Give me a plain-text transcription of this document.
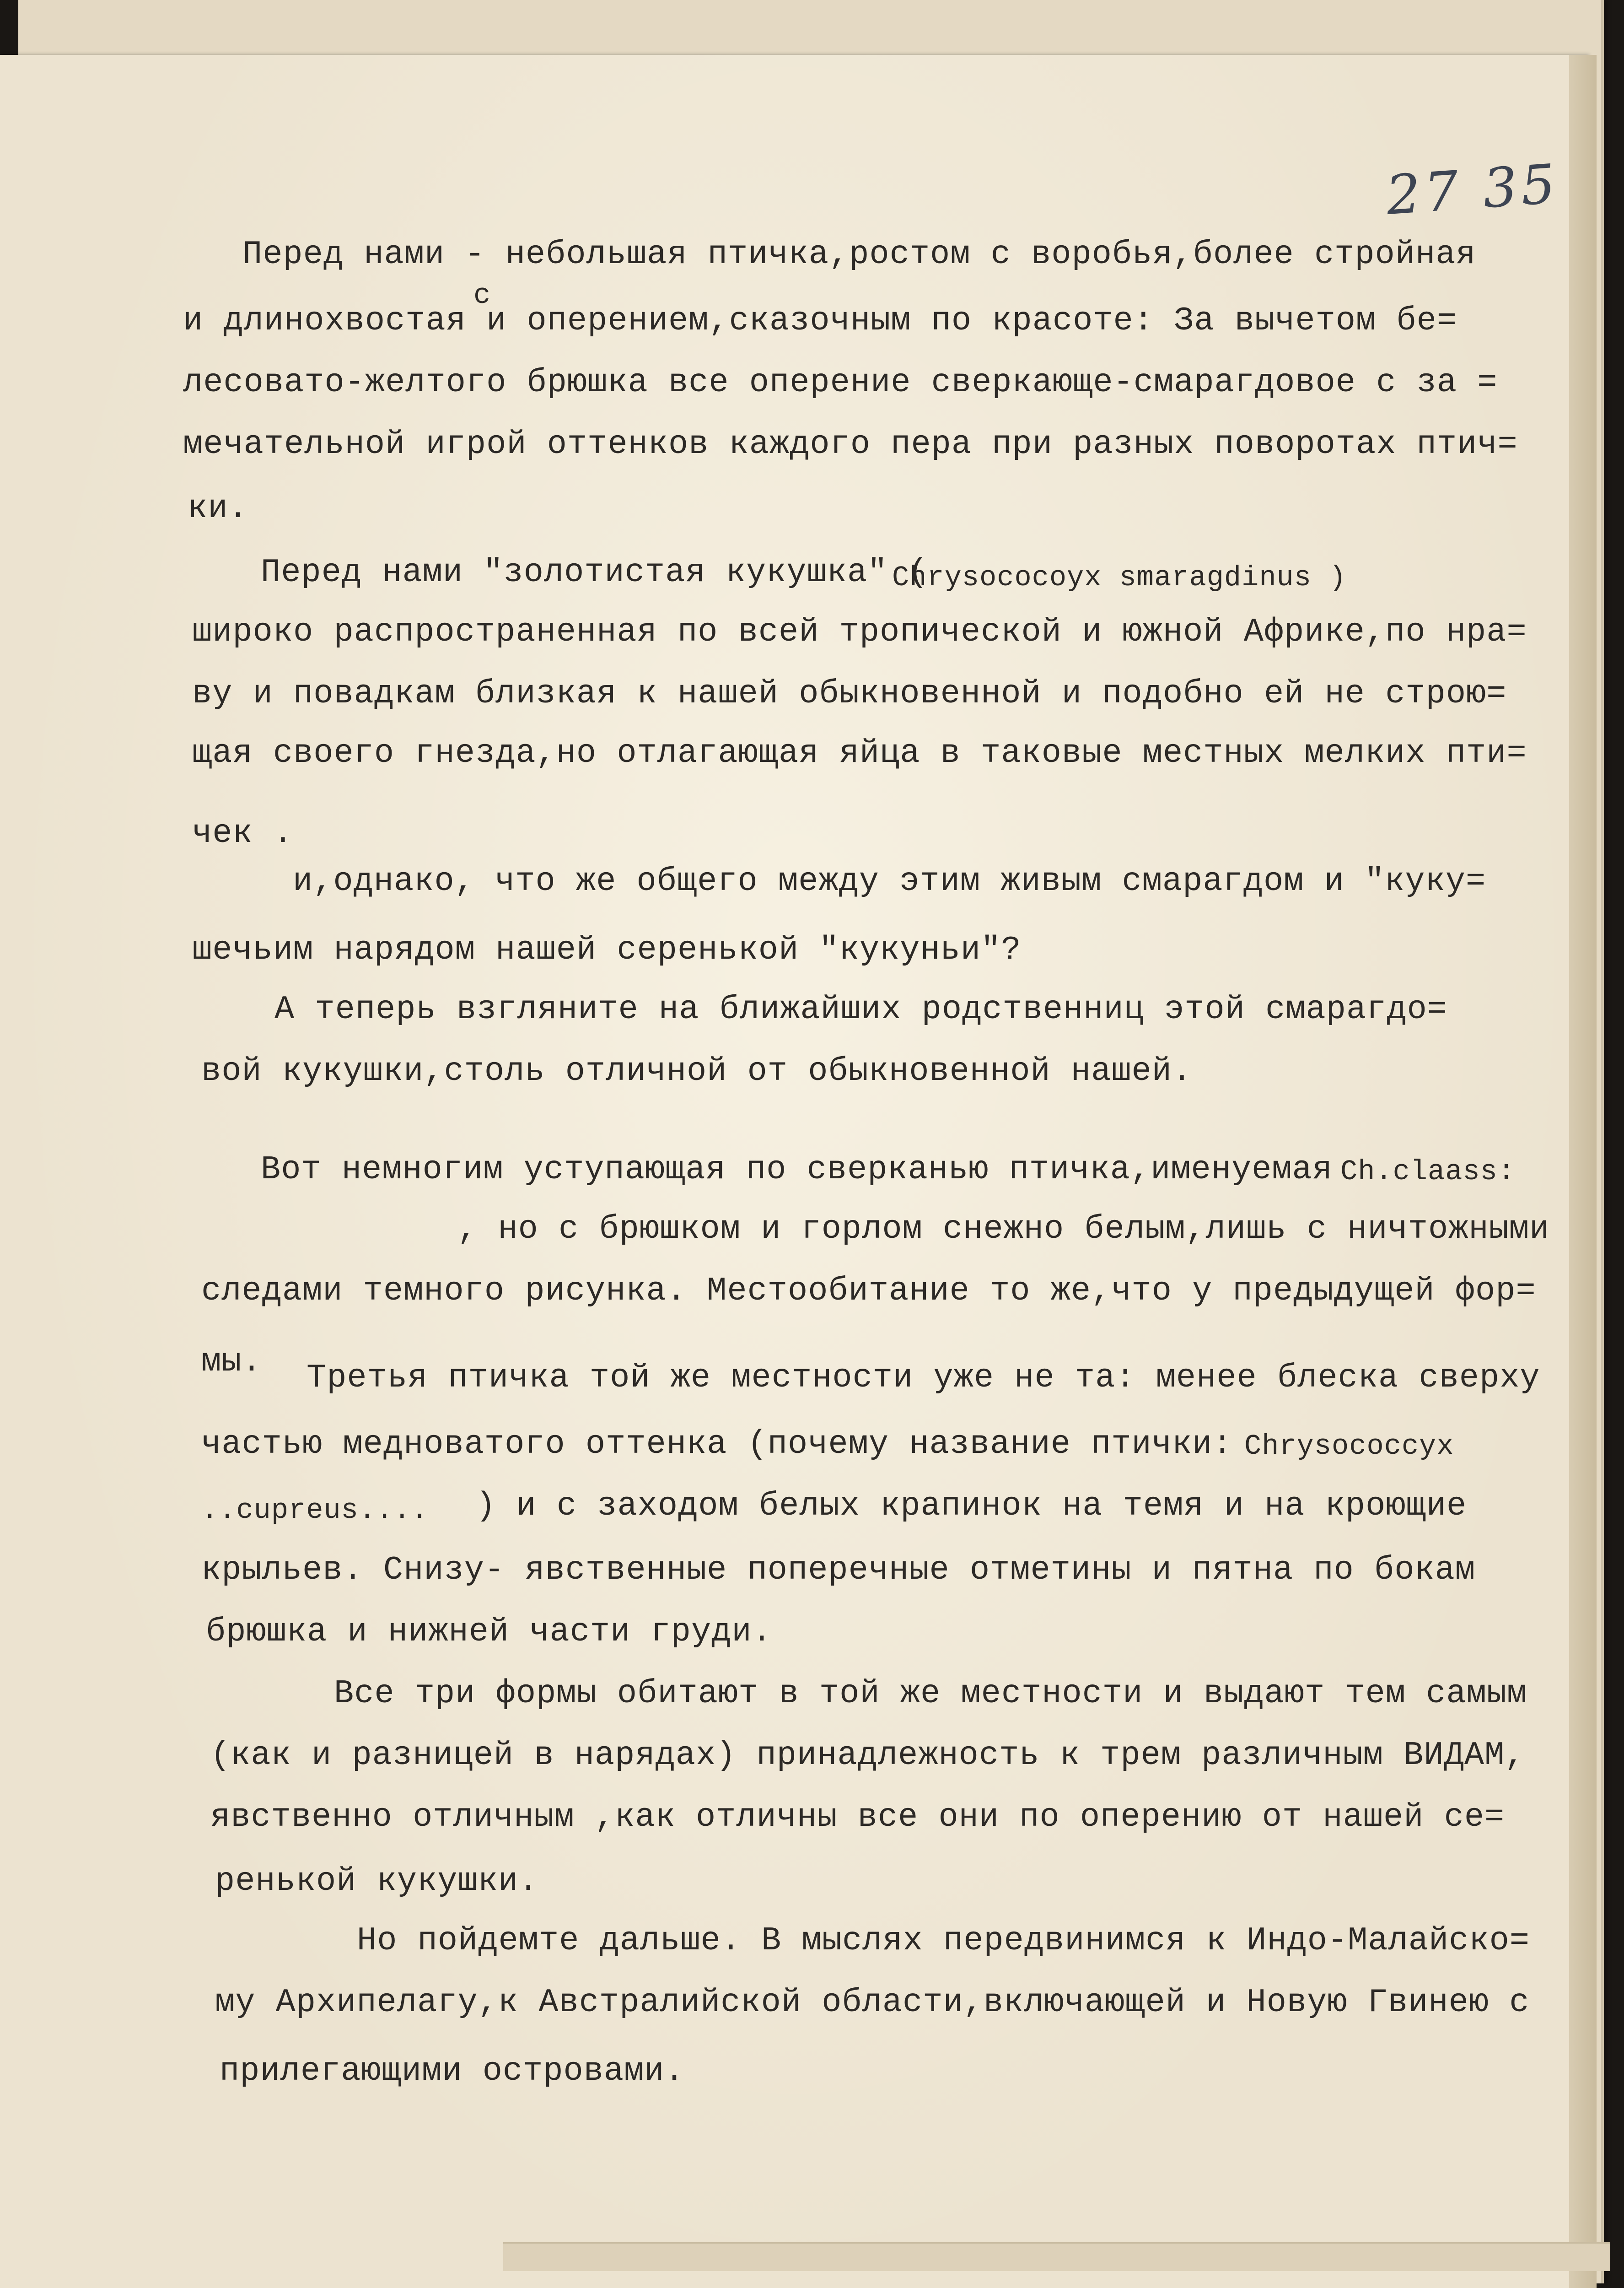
27 35
с
Перед нами - небольшая птичка,ростом с воробья,более стройная
и длинохвостая и оперением,сказочным по красоте: За вычетом бе=
лесовато-желтого брюшка все оперение сверкающе-смарагдовое с за =
мечательной игрой оттенков каждого пера при разных поворотах птич=
ки.
Перед нами "золотистая кукушка" (
Chrysococoyx smaragdinus )
широко распространенная по всей тропической и южной Африке,по нра=
ву и повадкам близкая к нашей обыкновенной и подобно ей не строю=
щая своего гнезда,но отлагающая яйца в таковые местных мелких пти=
чек .
и,однако, что же общего между этим живым смарагдом и "куку=
шечьим нарядом нашей серенькой "кукуньи"?
А теперь взгляните на ближайших родственниц этой смарагдо=
вой кукушки,столь отличной от обыкновенной нашей.
Вот немногим уступающая по сверканью птичка,именуемая Ch.claass:
, но с брюшком и горлом снежно белым,лишь с ничтожными
следами темного рисунка. Местообитание то же,что у предыдущей фор=
мы. Третья птичка той же местности уже не та: менее блеска сверху
частью медноватого оттенка (почему название птички: Chrysococcyx
..cupreus.... ) и с заходом белых крапинок на темя и на кроющие
крыльев. Снизу- явственные поперечные отметины и пятна по бокам
брюшка и нижней части груди.
Все три формы обитают в той же местности и выдают тем самым
(как и разницей в нарядах) принадлежность к трем различным ВИДАМ,
явственно отличным ,как отличны все они по оперению от нашей се=
ренькой кукушки.
Но пойдемте дальше. В мыслях передвинимся к Индо-Малайско=
му Архипелагу,к Австралийской области,включающей и Новую Гвинею с
прилегающими островами.
